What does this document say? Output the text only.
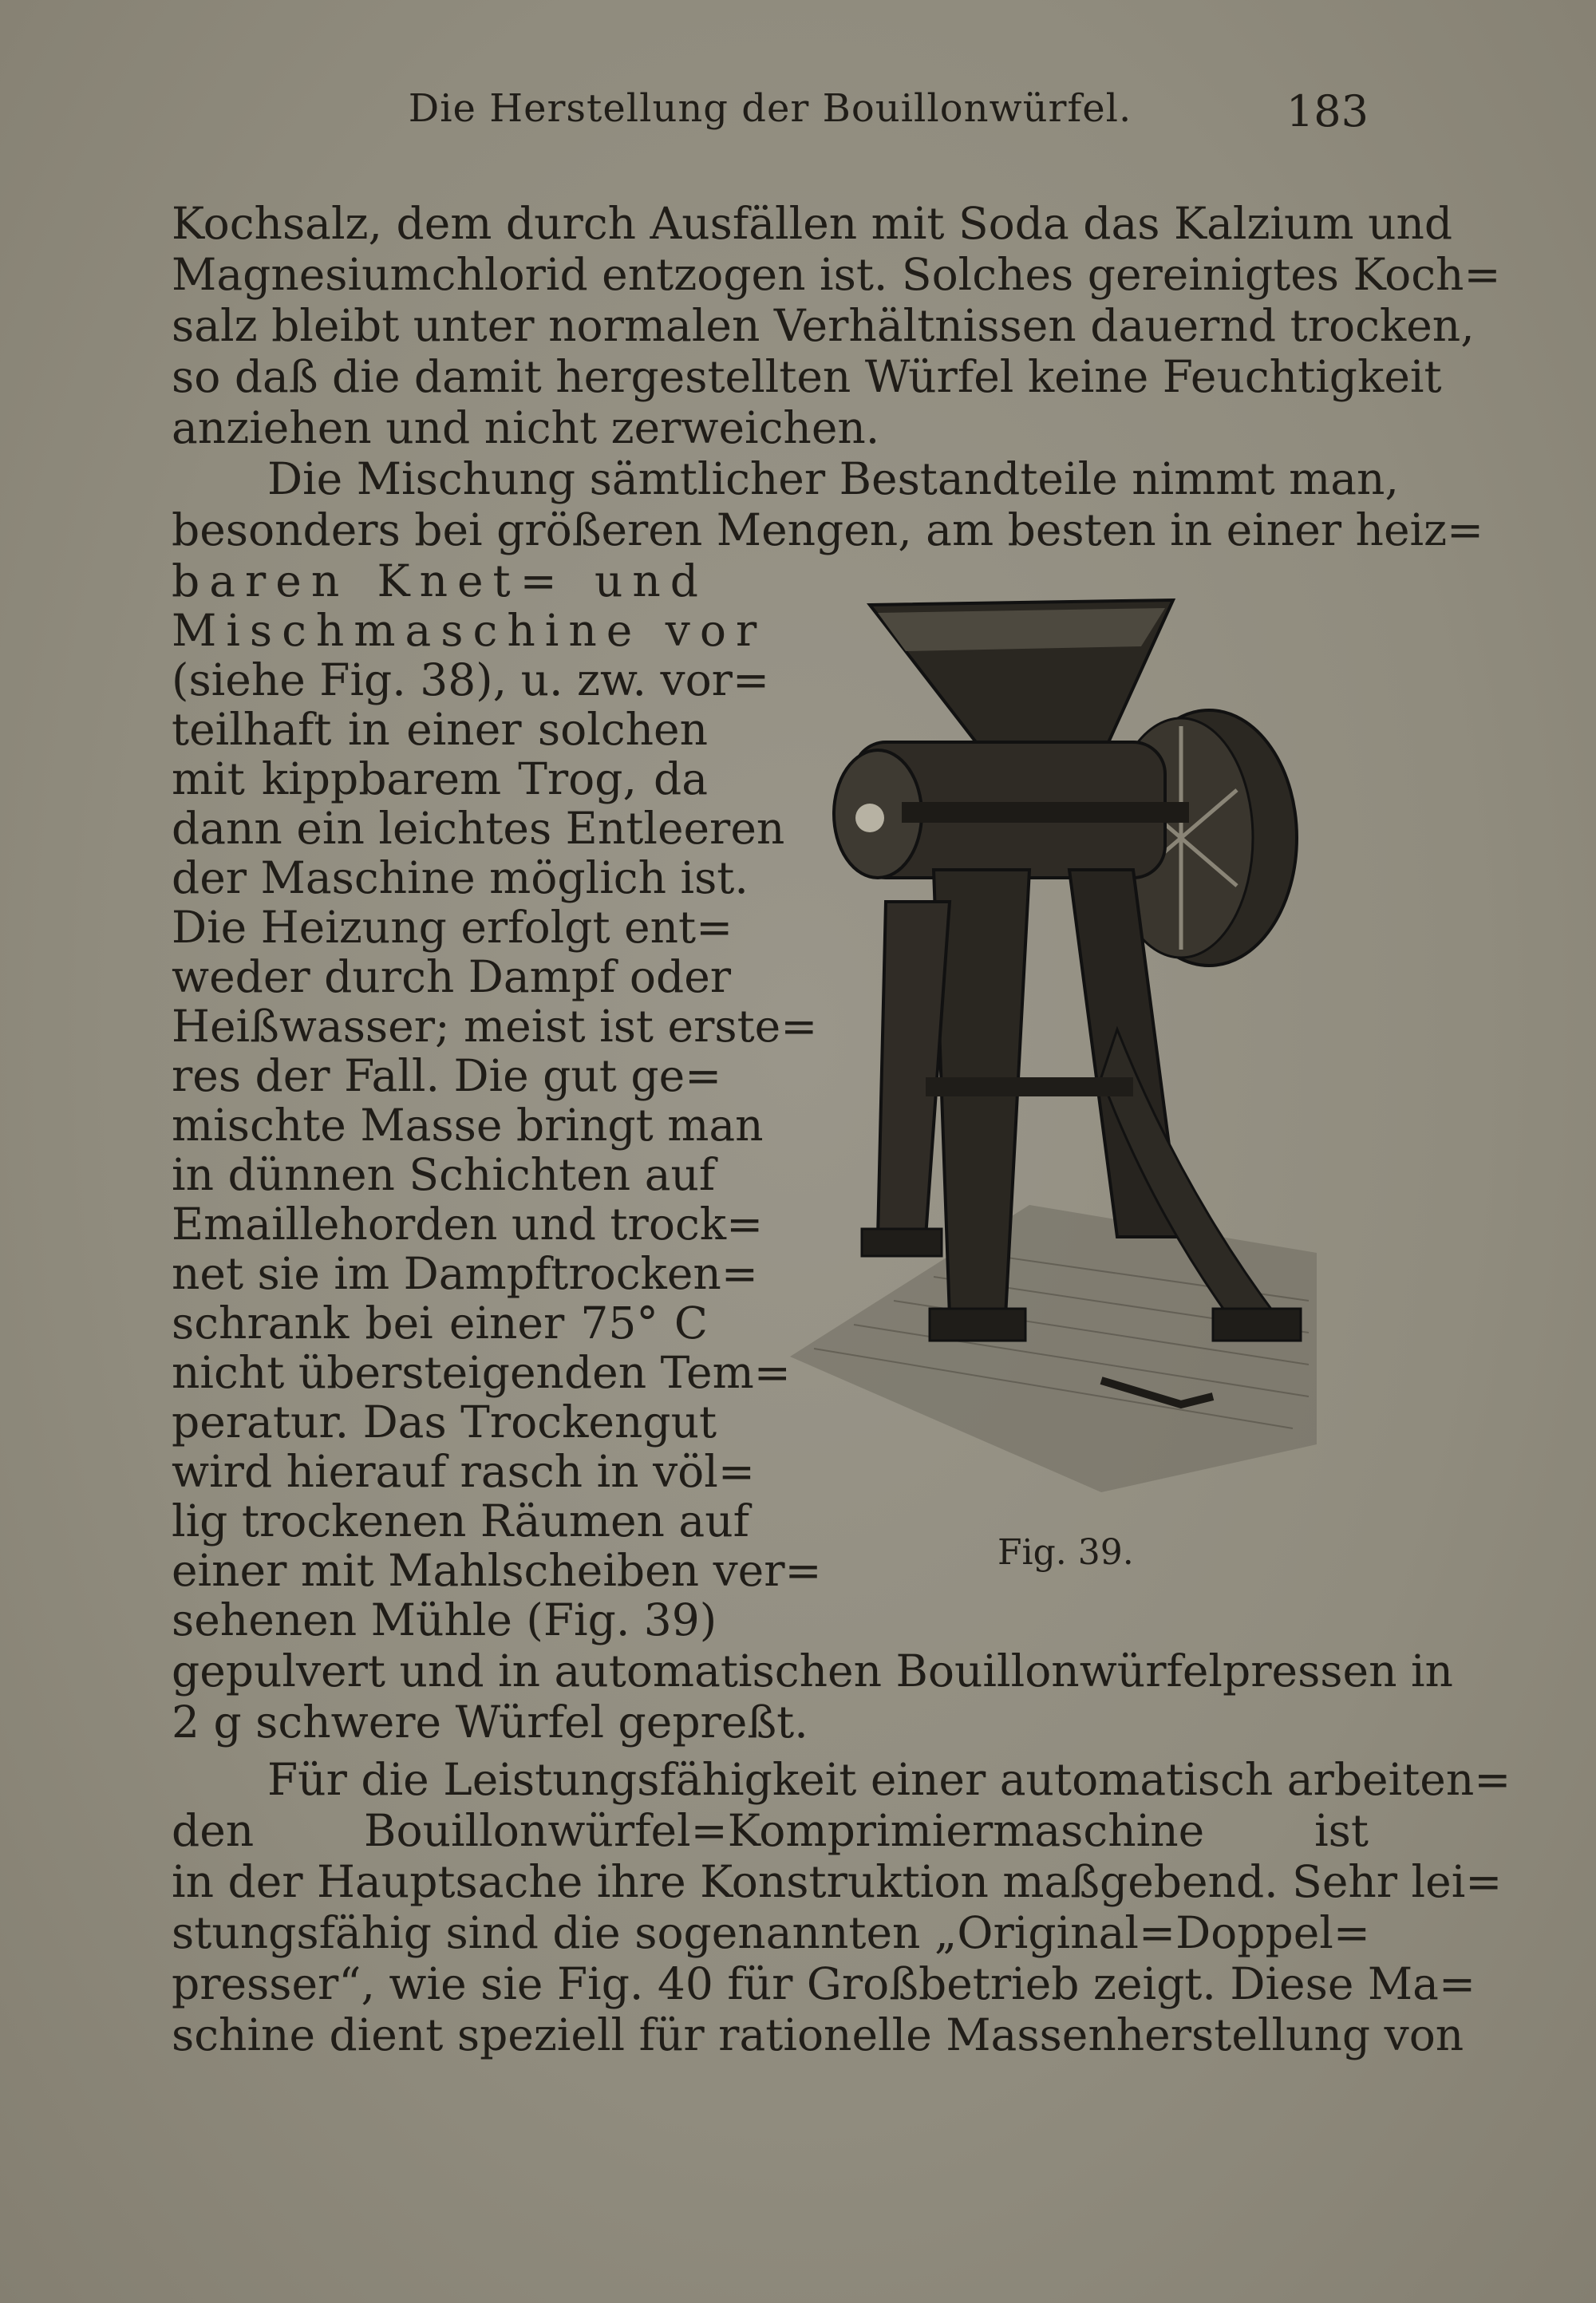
Die Herstellung der Bouillonwürfel.	183
Kochsalz, dem durch Ausfällen mit Soda das Kalzium und
Magnesiumchlorid entzogen ist. Solches gereinigtes Koch=
salz bleibt unter normalen Verhältnissen dauernd trocken,
so daß die damit hergestellten Würfel keine Feuchtigkeit
anziehen und nicht zerweichen.
Die Mischung sämtlicher Bestandteile nimmt man,
besonders bei größeren Mengen, am besten in einer heiz=
baren Knet= und
Mischmaschine vor
(siehe Fig. 38), u. zw. vor=
teilhaft in einer solchen
mit kippbarem Trog, da
dann ein leichtes Entleeren
der Maschine möglich ist.
Die Heizung erfolgt ent=
weder durch Dampf oder
Heißwasser; meist ist erste=
res der Fall. Die gut ge=
mischte Masse bringt man
in dünnen Schichten auf
Emaillehorden und trock=
net sie im Dampftrocken=
schrank bei einer 75° C
nicht übersteigenden Tem=
peratur. Das Trockengut
wird hierauf rasch in völ=
lig trockenen Räumen auf
einer mit Mahlscheiben ver=
sehenen Mühle (Fig. 39)
gepulvert und in automatischen Bouillonwürfelpressen in
2 g schwere Würfel gepreßt.
Für die Leistungsfähigkeit einer automatisch arbeiten=
den Bouillonwürfel=Komprimiermaschine ist
in der Hauptsache ihre Konstruktion maßgebend. Sehr lei=
stungsfähig sind die sogenannten „Original=Doppel=
presser“, wie sie Fig. 40 für Großbetrieb zeigt. Diese Ma=
schine dient speziell für rationelle Massenherstellung von
Fig. 39.
